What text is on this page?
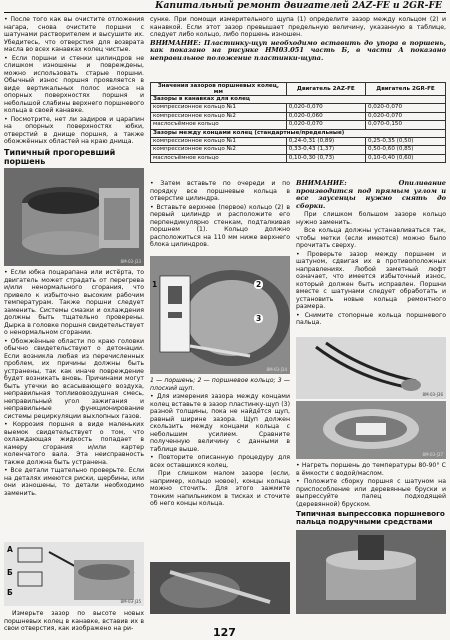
Капитальный ремонт двигателей 2AZ-FE и 2GR-FE

• После того как вы очистите отложения нагара, снова очистите поршни с шатунами растворителем и высушите их. Убедитесь, что отверстия для возврата масла во всех канавках колец чистые.

• Если поршни и стенки цилиндров не слишком изношены и повреждены, можно использовать старые поршни. Обычный износ поршня проявляется в виде вертикальных полос износа на опорных поверхностях поршня и небольшой слабины верхнего поршневого кольца в своей канавке.

• Посмотрите, нет ли задиров и царапин на опорных поверхностях юбки, отверстий в днище поршня, а также обожжённых областей на краю днища.

Типичный прогоревший поршень
8M-03-J33

• Если юбка поцарапана или истёрта, то двигатель может страдать от перегрева и/или ненормального сгорания, что привело к избыточно высоким рабочим температурам. Также поршни следует заменить. Системы смазки и охлаждения должны быть тщательно проверены. Дырка в головке поршня свидетельствует о ненормальном сгорании.

• Обожжённые области по краю головки обычно свидетельствуют о детонации. Если возникла любая из перечисленных проблем, их причины должны быть устранены, так как иначе повреждение будет возникать вновь. Причинами могут быть утечки во всасывающего воздуха, неправильная топливовоздушная смесь, неправильный угол зажигания и неправильные функционирование системы рециркуляции выхлопных газов.

• Коррозия поршня в виде маленьких выемок свидетельствует о том, что охлаждающая жидкость попадает в камеру сгорания и/или картер коленчатого вала. Эта неисправность также должна быть устранена.

• Все детали тщательно проверьте. Если на деталях имеются риски, щербины, или они изношены, то детали необходимо заменить.

A
Б
Б
8M-03-J35

Измерьте зазор по высоте новых поршневых колец в канавке, вставив их в свои отверстия, как изображено на ри-

сунке. При помощи измерительного щупа (1) определите зазор между кольцом (2) и канавкой. Если этот зазор превышает предельную величину, указанную в таблице, следует либо кольцо, либо поршень изношен.

ВНИМАНИЕ: Пластинку-щуп необходимо вставить до упора в поршень, как показано на рисунке НМ03.051 часть Б, в части А показано неправильное положение пластинки-щупа.

Значения зазоров поршневых колец, мм	Двигатель 2AZ-FE	Двигатель 2GR-FE
Зазоры в канавках для колец		
компрессионное кольцо №1	0,020-0,070	0,020-0,070
компрессионное кольцо №2	0,020-0,060	0,020-0,070
маслосъёмное кольцо	0,020-0,070	0,070-0,150
Зазоры между концами колец (стандартные/предельные)		
компрессионное кольцо №1	0,24-0,31 (0,89)	0,25-0,35 (0,50)
компрессионное кольцо №2	0,33-0,43 (1,37)	0,50-0,60 (0,85)
маслосъёмное кольцо	0,10-0,30 (0,73)	0,10-0,40 (0,60)

• Затем вставьте по очереди и по порядку все поршневые кольца в отверстие цилиндра.

• Вставьте верхнее (первое) кольцо (2) в первый цилиндр и расположите его перпендикулярно стенкам, подталкивая поршнем (1). Кольцо должно расположиться на 110 мм ниже верхнего блока цилиндров.

1	2
3
8M-03-J34

1 — поршень; 2 — поршневое кольцо; 3 — плоский щуп.

• Для измерения зазора между концами колец вставьте в зазор пластинку-щуп (3) разной толщины, пока не найдётся щуп, равный ширине зазора. Щуп должен скользить между концами кольца с небольшим усилием. Сравните полученную величину с данными в таблице выше.

• Повторите описанную процедуру для всех оставшихся колец.

При слишком малом зазоре (если, например, кольцо новое), концы кольца можно сточить. Для этого зажмите тонким напильником в тисках и сточите об него концы кольца.

ВНИМАНИЕ: Опиливание производится под прямым углом и все заусенцы нужно снять до сборки.

При слишком большом зазоре кольцо нужно заменить.

Все кольца должны устанавливаться так, чтобы метки (если имеются) можно было прочитать сверху.

• Проверьте зазор между поршнем и шатуном, сдвигая их в противоположных направлениях. Любой заметный люфт означает, что имеется избыточный износ, который должен быть исправлен. Поршни вместе с шатунами следует обработать и установить новые кольца ремонтного размера.

• Снимите стопорные кольца поршневого пальца.

8M-03-J36
8M-03-J37

• Нагреть поршень до температуры 80-90° C в ёмкости с водой/маслом.

• Положите сборку поршня с шатуном на приспособление или деревянные бруски и выпрессуйте палец подходящей (деревянной) бруском.

Типичная выпрессовка поршневого пальца подручными средствами
127
